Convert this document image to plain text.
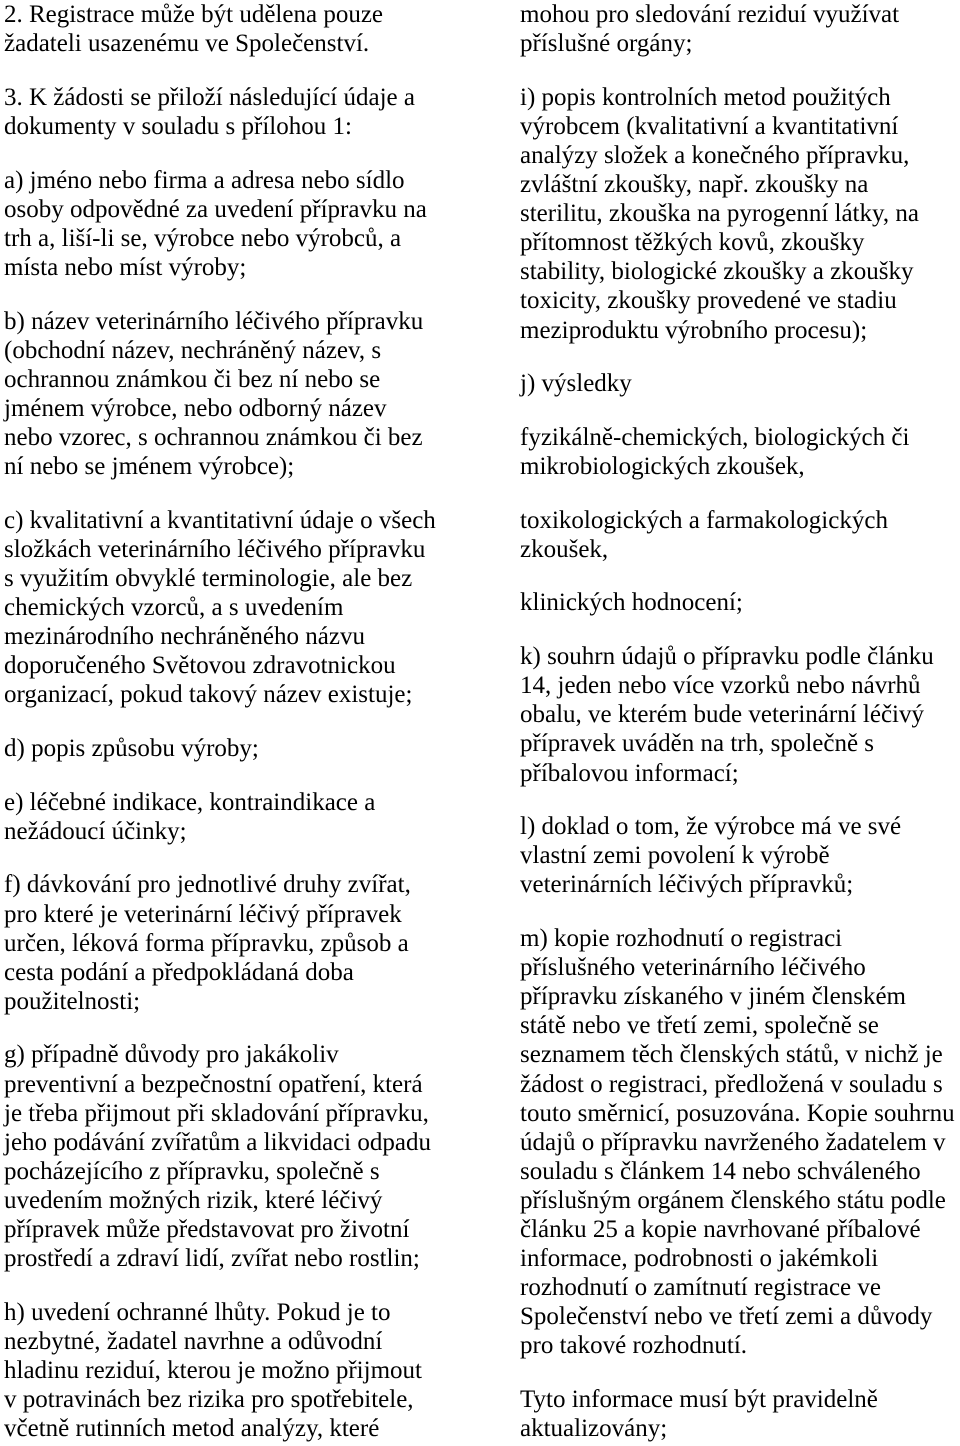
2. Registrace může být udělena pouze
žadateli usazenému ve Společenství.
3. K žádosti se přiloží následující údaje a
dokumenty v souladu s přílohou 1:
a) jméno nebo firma a adresa nebo sídlo
osoby odpovědné za uvedení přípravku na
trh a, liší-li se, výrobce nebo výrobců, a
místa nebo míst výroby;
b) název veterinárního léčivého přípravku
(obchodní název, nechráněný název, s
ochrannou známkou či bez ní nebo se
jménem výrobce, nebo odborný název
nebo vzorec, s ochrannou známkou či bez
ní nebo se jménem výrobce);
c) kvalitativní a kvantitativní údaje o všech
složkách veterinárního léčivého přípravku
s využitím obvyklé terminologie, ale bez
chemických vzorců, a s uvedením
mezinárodního nechráněného názvu
doporučeného Světovou zdravotnickou
organizací, pokud takový název existuje;
d) popis způsobu výroby;
e) léčebné indikace, kontraindikace a
nežádoucí účinky;
f) dávkování pro jednotlivé druhy zvířat,
pro které je veterinární léčivý přípravek
určen, léková forma přípravku, způsob a
cesta podání a předpokládaná doba
použitelnosti;
g) případně důvody pro jakákoliv
preventivní a bezpečnostní opatření, která
je třeba přijmout při skladování přípravku,
jeho podávání zvířatům a likvidaci odpadu
pocházejícího z přípravku, společně s
uvedením možných rizik, které léčivý
přípravek může představovat pro životní
prostředí a zdraví lidí, zvířat nebo rostlin;
h) uvedení ochranné lhůty. Pokud je to
nezbytné, žadatel navrhne a odůvodní
hladinu reziduí, kterou je možno přijmout
v potravinách bez rizika pro spotřebitele,
včetně rutinních metod analýzy, které
mohou pro sledování reziduí využívat
příslušné orgány;
i) popis kontrolních metod použitých
výrobcem (kvalitativní a kvantitativní
analýzy složek a konečného přípravku,
zvláštní zkoušky, např. zkoušky na
sterilitu, zkouška na pyrogenní látky, na
přítomnost těžkých kovů, zkoušky
stability, biologické zkoušky a zkoušky
toxicity, zkoušky provedené ve stadiu
meziproduktu výrobního procesu);
j) výsledky
fyzikálně-chemických, biologických či
mikrobiologických zkoušek,
toxikologických a farmakologických
zkoušek,
klinických hodnocení;
k) souhrn údajů o přípravku podle článku
14, jeden nebo více vzorků nebo návrhů
obalu, ve kterém bude veterinární léčivý
přípravek uváděn na trh, společně s
příbalovou informací;
l) doklad o tom, že výrobce má ve své
vlastní zemi povolení k výrobě
veterinárních léčivých přípravků;
m) kopie rozhodnutí o registraci
příslušného veterinárního léčivého
přípravku získaného v jiném členském
státě nebo ve třetí zemi, společně se
seznamem těch členských států, v nichž je
žádost o registraci, předložená v souladu s
touto směrnicí, posuzována. Kopie souhrnu
údajů o přípravku navrženého žadatelem v
souladu s článkem 14 nebo schváleného
příslušným orgánem členského státu podle
článku 25 a kopie navrhované příbalové
informace, podrobnosti o jakémkoli
rozhodnutí o zamítnutí registrace ve
Společenství nebo ve třetí zemi a důvody
pro takové rozhodnutí.
Tyto informace musí být pravidelně
aktualizovány;
